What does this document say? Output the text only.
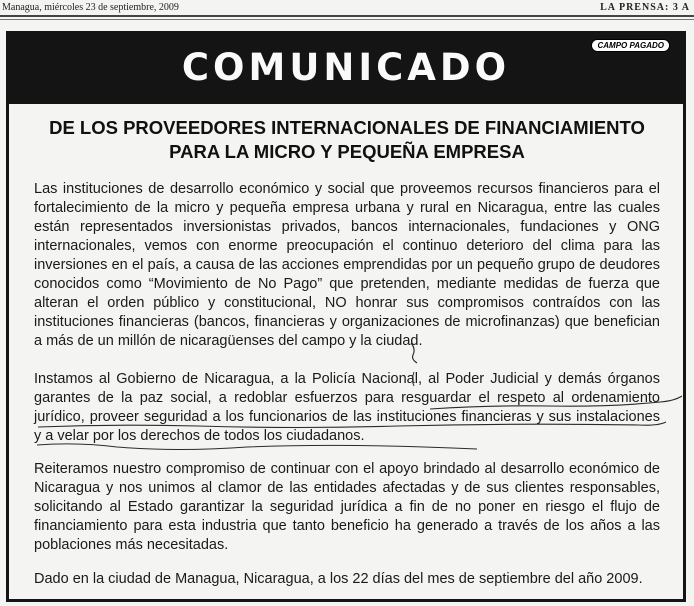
Managua, miércoles 23 de septiembre, 2009	LA PRENSA: 3 A
COMUNICADO
CAMPO PAGADO
DE LOS PROVEEDORES INTERNACIONALES DE FINANCIAMIENTO
PARA LA MICRO Y PEQUEÑA EMPRESA

Las instituciones de desarrollo económico y social que proveemos recursos financieros para el fortalecimiento de la micro y pequeña empresa urbana y rural en Nicaragua, entre las cuales están representados inversionistas privados, bancos internacionales, fundaciones y ONG internacionales, vemos con enorme preocupación el continuo deterioro del clima para las inversiones en el país, a causa de las acciones emprendidas por un pequeño grupo de deudores conocidos como “Movimiento de No Pago” que pretenden, mediante medidas de fuerza que alteran el orden público y constitucional, NO honrar sus compromisos contraídos con las instituciones financieras (bancos, financieras y organizaciones de microfinanzas) que benefician a más de un millón de nicaragüenses del campo y la ciudad.

Instamos al Gobierno de Nicaragua, a la Policía Nacional, al Poder Judicial y demás órganos garantes de la paz social, a redoblar esfuerzos para resguardar el respeto al ordenamiento jurídico, proveer seguridad a los funcionarios de las instituciones financieras y sus instalaciones y a velar por los derechos de todos los ciudadanos.

Reiteramos nuestro compromiso de continuar con el apoyo brindado al desarrollo económico de Nicaragua y nos unimos al clamor de las entidades afectadas y de sus clientes responsables, solicitando al Estado garantizar la seguridad jurídica a fin de no poner en riesgo el flujo de financiamiento para esta industria que tanto beneficio ha generado a través de los años a las poblaciones más necesitadas.

Dado en la ciudad de Managua, Nicaragua, a los 22 días del mes de septiembre del año 2009.
